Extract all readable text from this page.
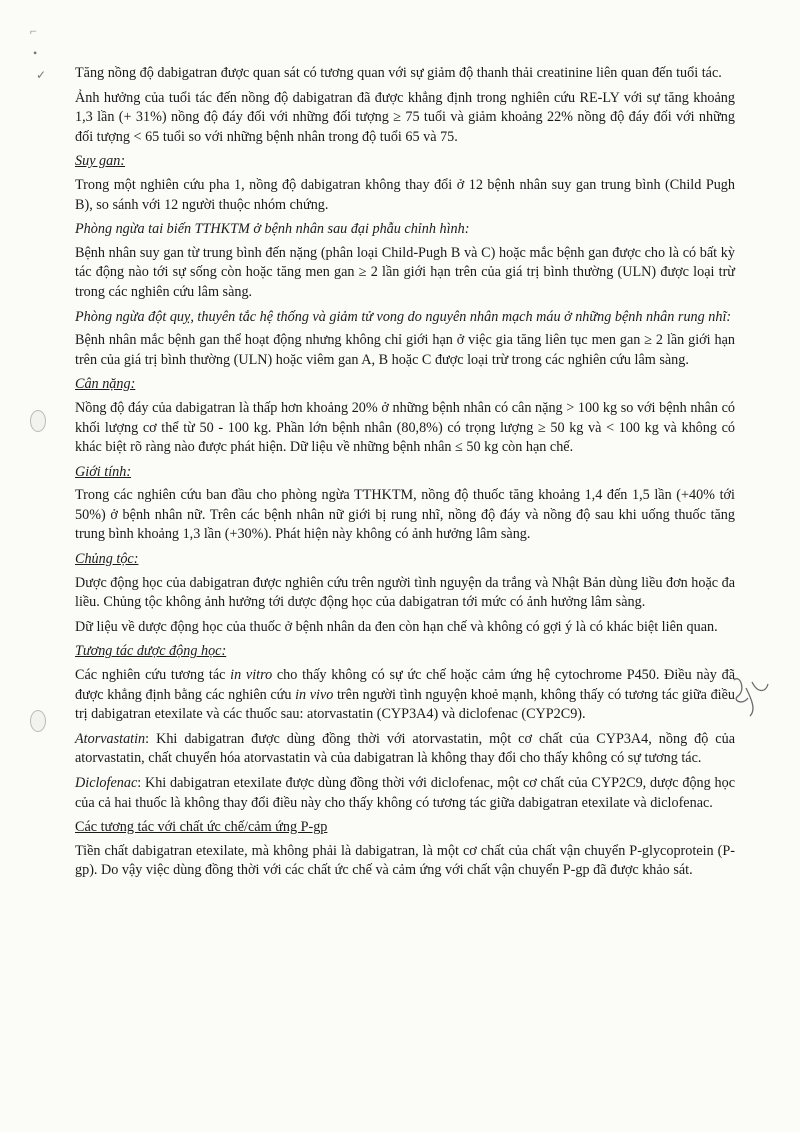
⌐
•
✓ Tăng nồng độ dabigatran được quan sát có tương quan với sự giảm độ thanh thải creatinine liên quan đến tuổi tác.

Ảnh hưởng của tuổi tác đến nồng độ dabigatran đã được khẳng định trong nghiên cứu RE-LY với sự tăng khoảng 1,3 lần (+ 31%) nồng độ đáy đối với những đối tượng ≥ 75 tuổi và giảm khoảng 22% nồng độ đáy đối với những đối tượng < 65 tuổi so với những bệnh nhân trong độ tuổi 65 và 75.

Suy gan:

Trong một nghiên cứu pha 1, nồng độ dabigatran không thay đổi ở 12 bệnh nhân suy gan trung bình (Child Pugh B), so sánh với 12 người thuộc nhóm chứng.

Phòng ngừa tai biến TTHKTM ở bệnh nhân sau đại phẫu chỉnh hình:

Bệnh nhân suy gan từ trung bình đến nặng (phân loại Child-Pugh B và C) hoặc mắc bệnh gan được cho là có bất kỳ tác động nào tới sự sống còn hoặc tăng men gan ≥ 2 lần giới hạn trên của giá trị bình thường (ULN) được loại trừ trong các nghiên cứu lâm sàng.

Phòng ngừa đột quỵ, thuyên tắc hệ thống và giảm tử vong do nguyên nhân mạch máu ở những bệnh nhân rung nhĩ:

Bệnh nhân mắc bệnh gan thể hoạt động nhưng không chỉ giới hạn ở việc gia tăng liên tục men gan ≥ 2 lần giới hạn trên của giá trị bình thường (ULN) hoặc viêm gan A, B hoặc C được loại trừ trong các nghiên cứu lâm sàng.

Cân nặng:

Nồng độ đáy của dabigatran là thấp hơn khoảng 20% ở những bệnh nhân có cân nặng > 100 kg so với bệnh nhân có khối lượng cơ thể từ 50 - 100 kg. Phần lớn bệnh nhân (80,8%) có trọng lượng ≥ 50 kg và < 100 kg và không có khác biệt rõ ràng nào được phát hiện. Dữ liệu về những bệnh nhân ≤ 50 kg còn hạn chế.

Giới tính:

Trong các nghiên cứu ban đầu cho phòng ngừa TTHKTM, nồng độ thuốc tăng khoảng 1,4 đến 1,5 lần (+40% tới 50%) ở bệnh nhân nữ. Trên các bệnh nhân nữ giới bị rung nhĩ, nồng độ đáy và nồng độ sau khi uống thuốc tăng trung bình khoảng 1,3 lần (+30%). Phát hiện này không có ảnh hưởng lâm sàng.

Chủng tộc:

Dược động học của dabigatran được nghiên cứu trên người tình nguyện da trắng và Nhật Bản dùng liều đơn hoặc đa liều. Chủng tộc không ảnh hưởng tới dược động học của dabigatran tới mức có ảnh hưởng lâm sàng.

Dữ liệu về dược động học của thuốc ở bệnh nhân da đen còn hạn chế và không có gợi ý là có khác biệt liên quan.

Tương tác dược động học:

Các nghiên cứu tương tác in vitro cho thấy không có sự ức chế hoặc cảm ứng hệ cytochrome P450. Điều này đã được khẳng định bằng các nghiên cứu in vivo trên người tình nguyện khoẻ mạnh, không thấy có tương tác giữa điều trị dabigatran etexilate và các thuốc sau: atorvastatin (CYP3A4) và diclofenac (CYP2C9).

Atorvastatin: Khi dabigatran được dùng đồng thời với atorvastatin, một cơ chất của CYP3A4, nồng độ của atorvastatin, chất chuyển hóa atorvastatin và của dabigatran là không thay đổi cho thấy không có sự tương tác.

Diclofenac: Khi dabigatran etexilate được dùng đồng thời với diclofenac, một cơ chất của CYP2C9, dược động học của cả hai thuốc là không thay đổi điều này cho thấy không có tương tác giữa dabigatran etexilate và diclofenac.

Các tương tác với chất ức chế/cảm ứng P-gp

Tiền chất dabigatran etexilate, mà không phải là dabigatran, là một cơ chất của chất vận chuyển P-glycoprotein (P-gp). Do vậy việc dùng đồng thời với các chất ức chế và cảm ứng với chất vận chuyển P-gp đã được khảo sát.
